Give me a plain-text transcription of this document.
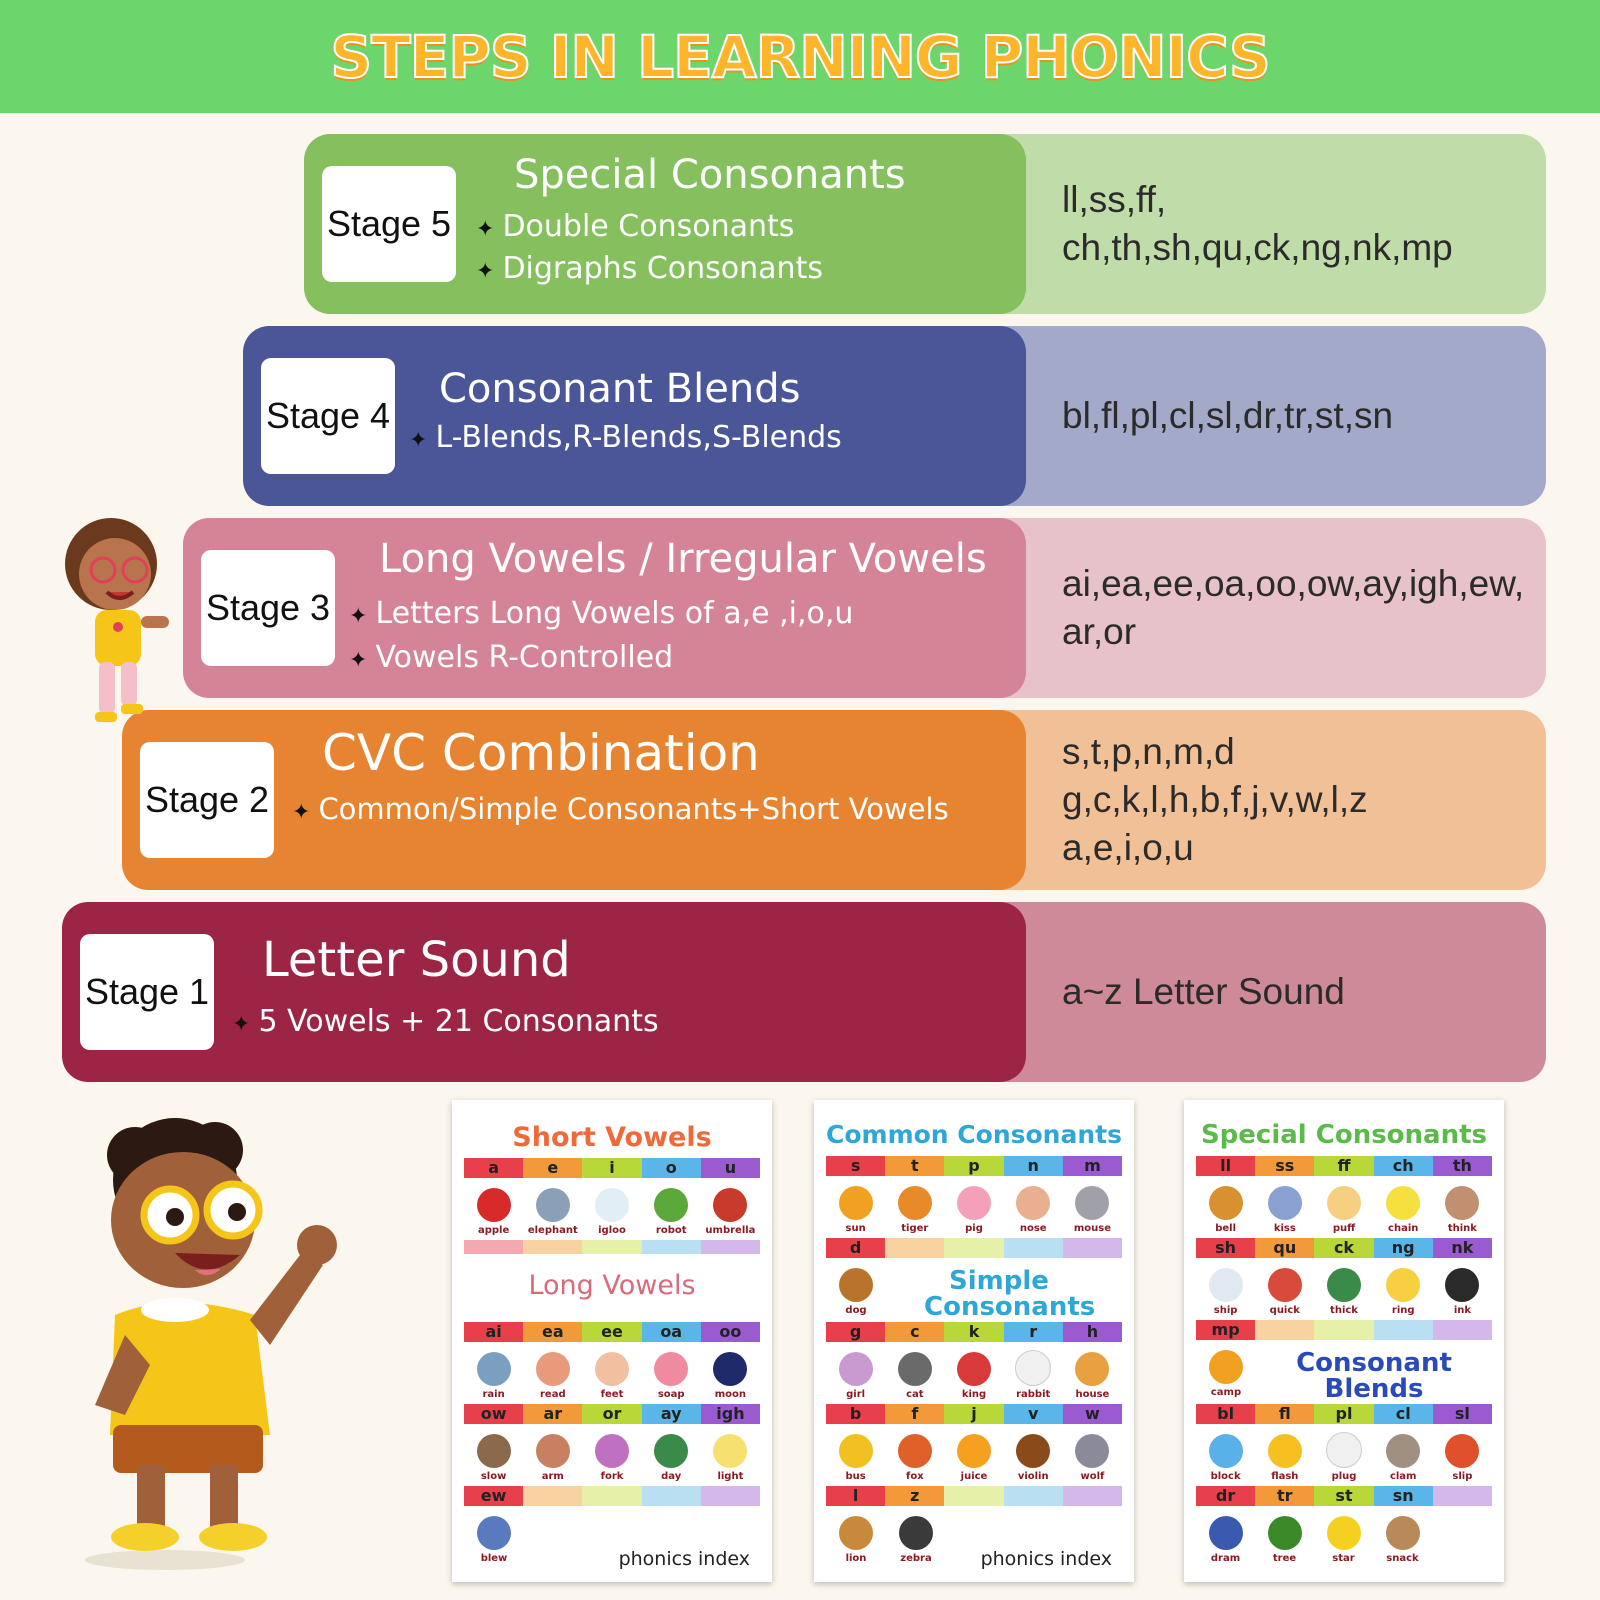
STEPS IN LEARNING PHONICS
Stage 5
Special Consonants
✦ Double Consonants
✦ Digraphs Consonants
ll,ss,ff,
ch,th,sh,qu,ck,ng,nk,mp
Stage 4
Consonant Blends
✦ L-Blends,R-Blends,S-Blends
bl,fl,pl,cl,sl,dr,tr,st,sn
Stage 3
Long Vowels / Irregular Vowels
✦ Letters Long Vowels of a,e ,i,o,u
✦ Vowels R-Controlled
ai,ea,ee,oa,oo,ow,ay,igh,ew,
ar,or
Stage 2
CVC Combination
✦ Common/Simple Consonants+Short Vowels
s,t,p,n,m,d
g,c,k,l,h,b,f,j,v,w,l,z
a,e,i,o,u
Stage 1
Letter Sound
✦ 5 Vowels + 21 Consonants
a~z Letter Sound
Short Vowels
a	e	i	o	u
apple elephant igloo	robot umbrella
Long Vowels
ai	ea	ee	oa	oo
rain	read	feet	soap	moon
ow	ar	or	ay	igh
slow	arm	fork	day	light
ew
blew	phonics index
Common Consonants
s	t	p	n	m
sun	tiger	pig	nose	mouse
d
dog
Simple Consonants
g	c	k	r	h
girl	cat	king	rabbit	house
b	f	j	v	w
bus	fox	juice	violin	wolf
l	z
lion	zebra	phonics index
Special Consonants
ll	ss	ff	ch	th
bell	kiss	puff	chain	think
sh	qu	ck	ng	nk
ship	quick	thick	ring	ink
mp
camp
Consonant Blends
bl	fl	pl	cl	sl
block	flash	plug	clam	slip
dr	tr	st	sn
dram	tree	star	snack
